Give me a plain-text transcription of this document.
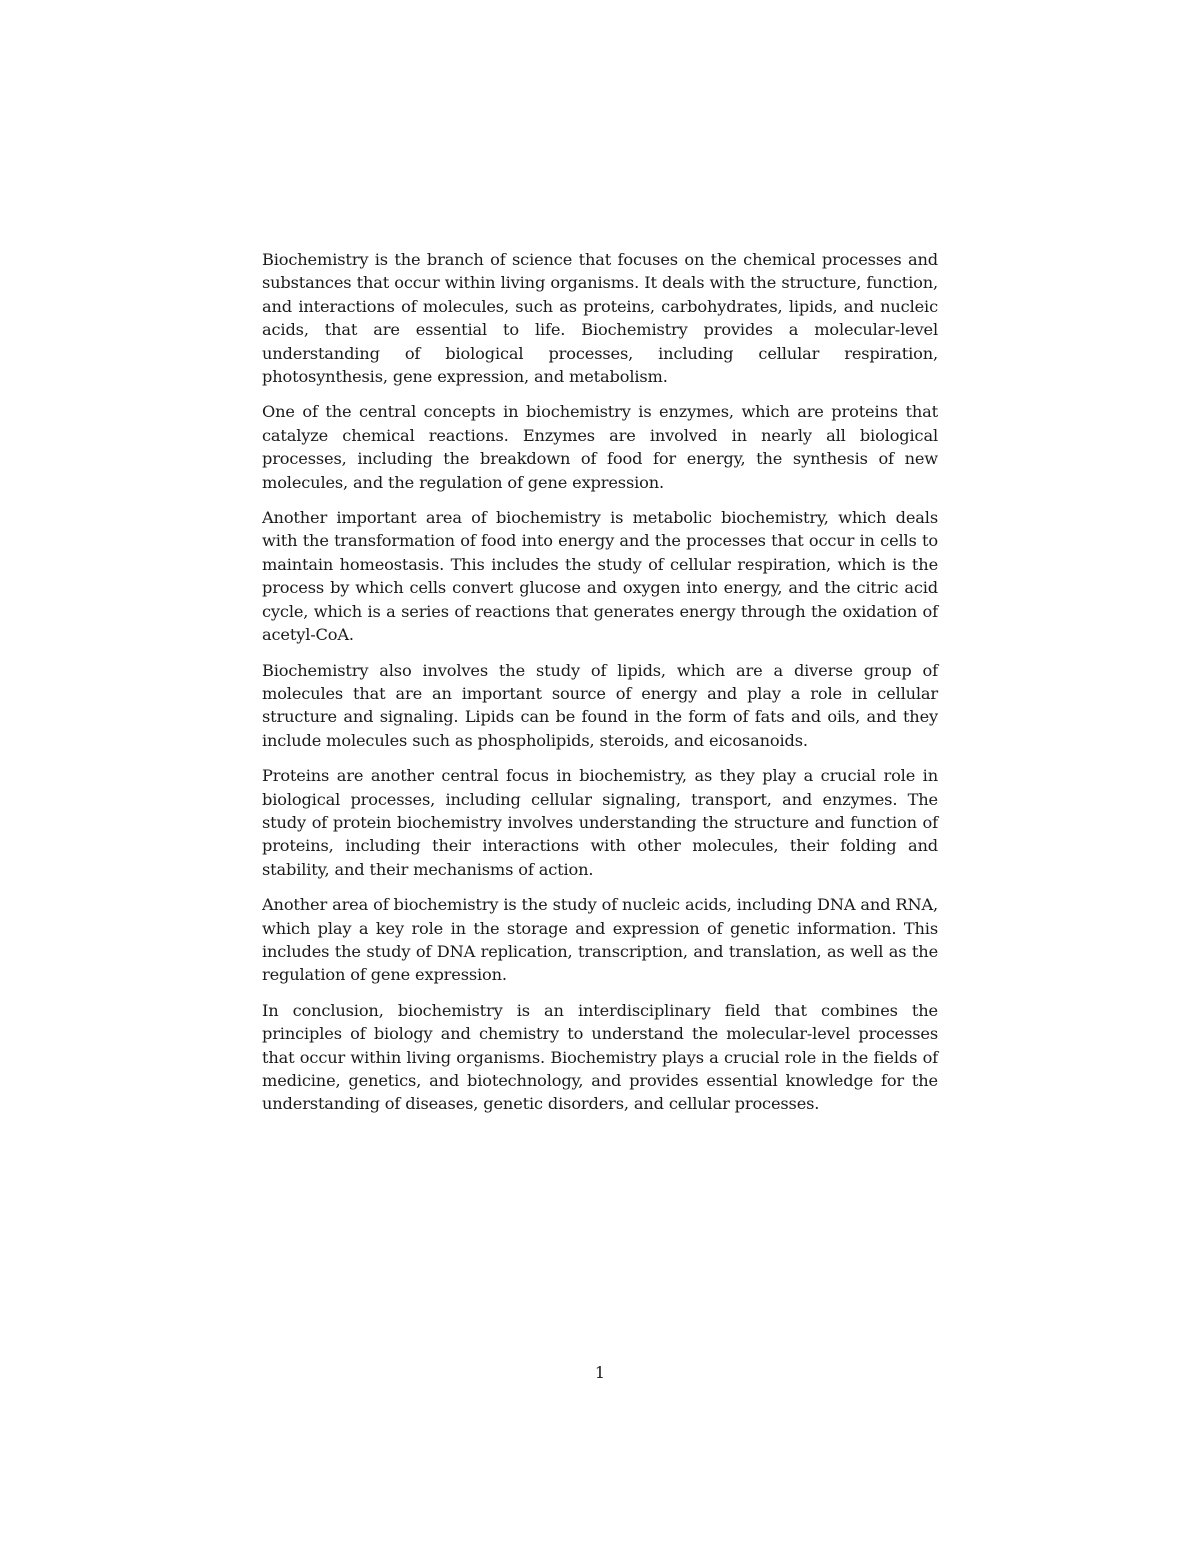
Biochemistry is the branch of science that focuses on the chemical processes and substances that occur within living organisms. It deals with the structure, function, and interactions of molecules, such as proteins, carbohydrates, lipids, and nucleic acids, that are essential to life. Biochemistry provides a molecular-level understanding of biological processes, including cellular respiration, photosynthesis, gene expression, and metabolism.

One of the central concepts in biochemistry is enzymes, which are proteins that catalyze chemical reactions. Enzymes are involved in nearly all biological processes, including the breakdown of food for energy, the synthesis of new molecules, and the regulation of gene expression.

Another important area of biochemistry is metabolic biochemistry, which deals with the transformation of food into energy and the processes that occur in cells to maintain homeostasis. This includes the study of cellular respiration, which is the process by which cells convert glucose and oxygen into energy, and the citric acid cycle, which is a series of reactions that generates energy through the oxidation of acetyl-CoA.

Biochemistry also involves the study of lipids, which are a diverse group of molecules that are an important source of energy and play a role in cellular structure and signaling. Lipids can be found in the form of fats and oils, and they include molecules such as phospholipids, steroids, and eicosanoids.

Proteins are another central focus in biochemistry, as they play a crucial role in biological processes, including cellular signaling, transport, and enzymes. The study of protein biochemistry involves understanding the structure and function of proteins, including their interactions with other molecules, their folding and stability, and their mechanisms of action.

Another area of biochemistry is the study of nucleic acids, including DNA and RNA, which play a key role in the storage and expression of genetic information. This includes the study of DNA replication, transcription, and translation, as well as the regulation of gene expression.

In conclusion, biochemistry is an interdisciplinary field that combines the principles of biology and chemistry to understand the molecular-level processes that occur within living organisms. Biochemistry plays a crucial role in the fields of medicine, genetics, and biotechnology, and provides essential knowledge for the understanding of diseases, genetic disorders, and cellular processes.

1
